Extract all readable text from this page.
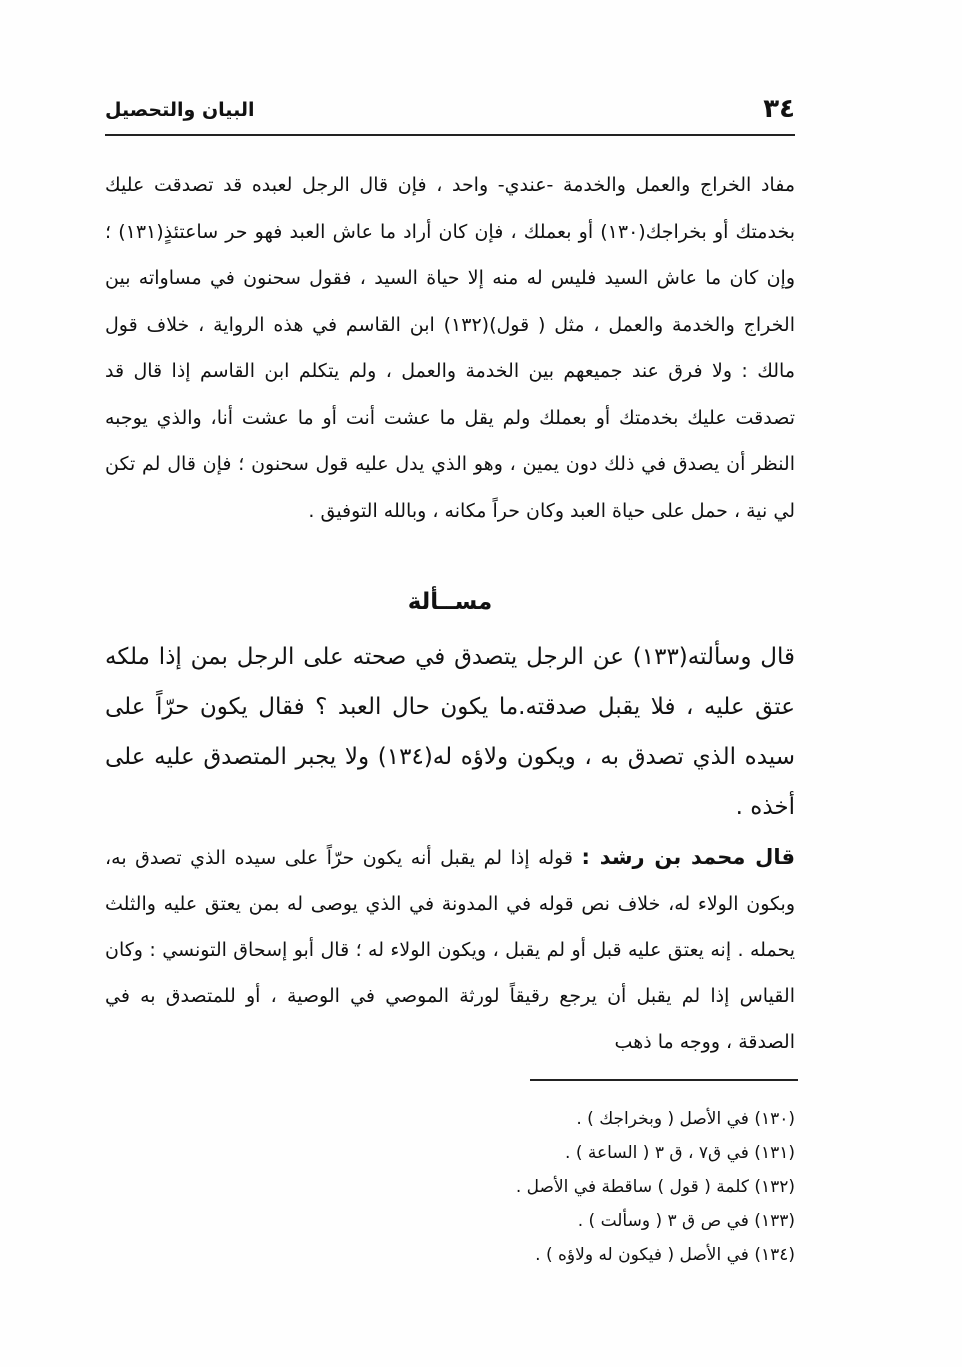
٣٤
البيان والتحصيل

مفاد الخراج والعمل والخدمة -عندي- واحد ، فإن قال الرجل لعبده قد تصدقت عليك بخدمتك أو بخراجك(١٣٠) أو بعملك ، فإن كان أراد ما عاش العبد فهو حر ساعتئذٍ(١٣١) ؛ وإن كان ما عاش السيد فليس له منه إلا حياة السيد ، فقول سحنون في مساواته بين الخراج والخدمة والعمل ، مثل ( قول)(١٣٢) ابن القاسم في هذه الرواية ، خلاف قول مالك : ولا فرق عند جميعهم بين الخدمة والعمل ، ولم يتكلم ابن القاسم إذا قال قد تصدقت عليك بخدمتك أو بعملك ولم يقل ما عشت أنت أو ما عشت أنا، والذي يوجبه النظر أن يصدق في ذلك دون يمين ، وهو الذي يدل عليه قول سحنون ؛ فإن قال لم تكن لي نية ، حمل على حياة العبد وكان حراً مكانه ، وبالله التوفيق .

مســألة

قال وسألته(١٣٣) عن الرجل يتصدق في صحته على الرجل بمن إذا ملكه عتق عليه ، فلا يقبل صدقته.ما يكون حال العبد ؟ فقال يكون حرّاً على سيده الذي تصدق به ، ويكون ولاؤه له(١٣٤) ولا يجبر المتصدق عليه على أخذه .

قال محمد بن رشد : قوله إذا لم يقبل أنه يكون حرّاً على سيده الذي تصدق به، وبكون الولاء له، خلاف نص قوله في المدونة في الذي يوصى له بمن يعتق عليه والثلث يحمله . إنه يعتق عليه قبل أو لم يقبل ، ويكون الولاء له ؛ قال أبو إسحاق التونسي : وكان القياس إذا لم يقبل أن يرجع رقيقاً لورثة الموصي في الوصية ، أو للمتصدق به في الصدقة ، ووجه ما ذهب

(١٣٠) في الأصل ( وبخراجك ) .
(١٣١) في ق٧ ، ق ٣ ( الساعة ) .
(١٣٢) كلمة ( قول ) ساقطة في الأصل .
(١٣٣) في ص ق ٣ ( وسألت ) .
(١٣٤) في الأصل ( فيكون له ولاؤه ) .
